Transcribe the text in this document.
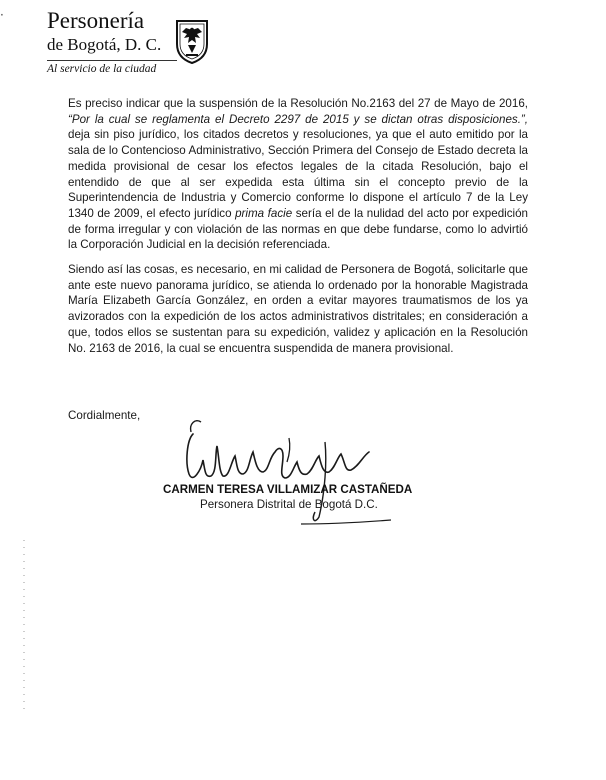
· Personería
de Bogotá, D. C.
Al servicio de la ciudad

Es preciso indicar que la suspensión de la Resolución No.2163 del 27 de Mayo de 2016, “Por la cual se reglamenta el Decreto 2297 de 2015 y se dictan otras disposiciones.”, deja sin piso jurídico, los citados decretos y resoluciones, ya que el auto emitido por la sala de lo Contencioso Administrativo, Sección Primera del Consejo de Estado decreta la medida provisional de cesar los efectos legales de la citada Resolución, bajo el entendido de que al ser expedida esta última sin el concepto previo de la Superintendencia de Industria y Comercio conforme lo dispone el artículo 7 de la Ley 1340 de 2009, el efecto jurídico prima facie sería el de la nulidad del acto por expedición de forma irregular y con violación de las normas en que debe fundarse, como lo advirtió la Corporación Judicial en la decisión referenciada.

Siendo así las cosas, es necesario, en mi calidad de Personera de Bogotá, solicitarle que ante este nuevo panorama jurídico, se atienda lo ordenado por la honorable Magistrada María Elizabeth García González, en orden a evitar mayores traumatismos de los ya avizorados con la expedición de los actos administrativos distritales; en consideración a que, todos ellos se sustentan para su expedición, validez y aplicación en la Resolución No. 2163 de 2016, la cual se encuentra suspendida de manera provisional.

Cordialmente,
CARMEN TERESA VILLAMIZAR CASTAÑEDA
Personera Distrital de Bogotá D.C.
